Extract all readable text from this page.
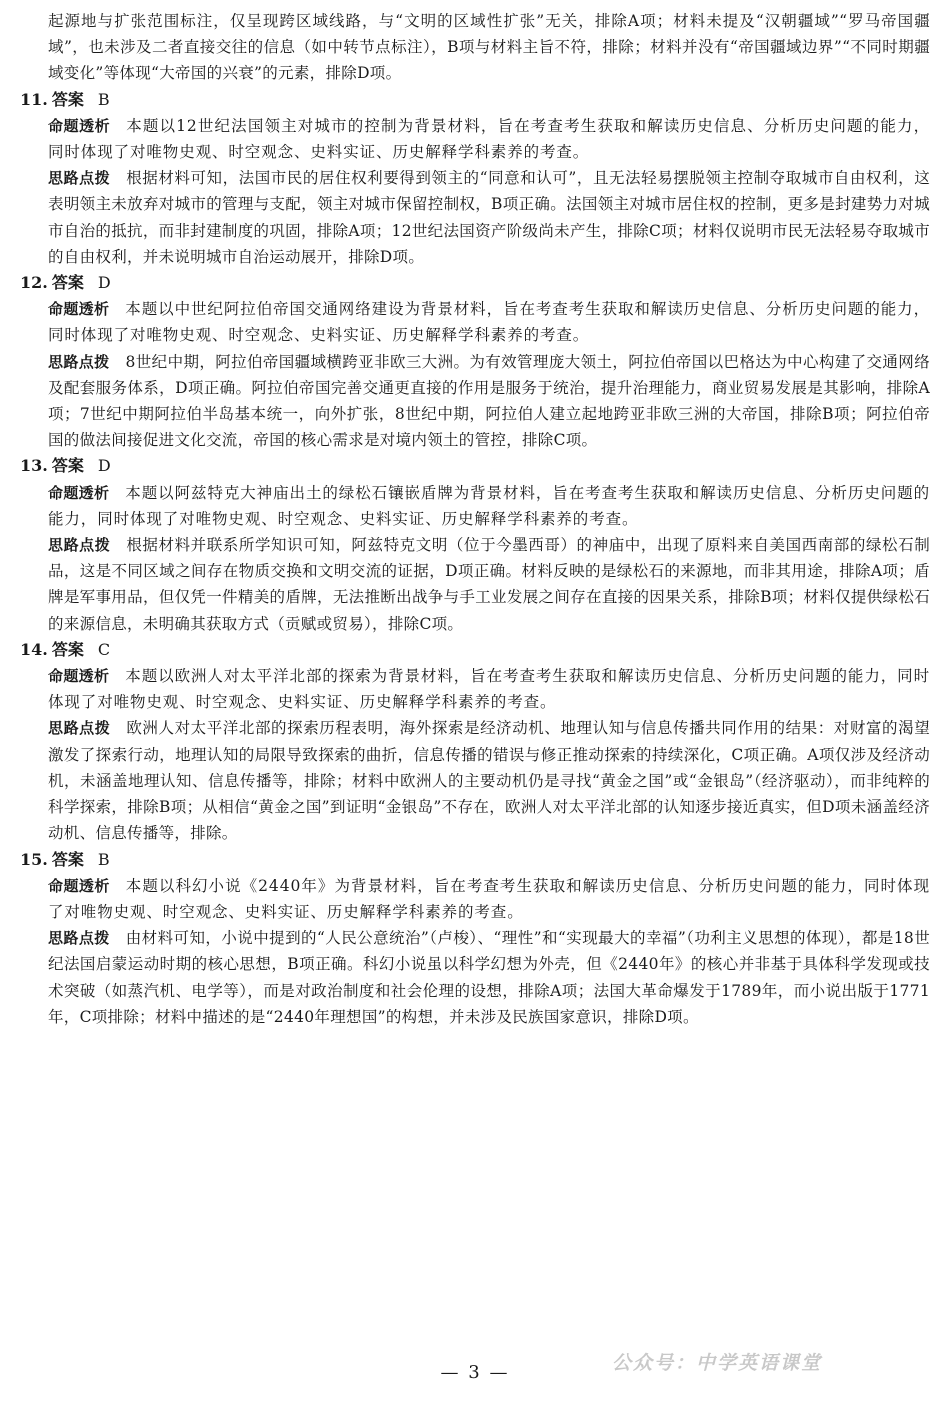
起源地与扩张范围标注，仅呈现跨区域线路，与“文明的区域性扩张”无关，排除A项；材料未提及“汉朝疆域”“罗马帝国疆域”，也未涉及二者直接交往的信息（如中转节点标注），B项与材料主旨不符，排除；材料并没有“帝国疆域边界”“不同时期疆域变化”等体现“大帝国的兴衰”的元素，排除D项。

11. 答案 B

命题透析 本题以12世纪法国领主对城市的控制为背景材料，旨在考查考生获取和解读历史信息、分析历史问题的能力，同时体现了对唯物史观、时空观念、史料实证、历史解释学科素养的考查。

思路点拨 根据材料可知，法国市民的居住权利要得到领主的“同意和认可”，且无法轻易摆脱领主控制夺取城市自由权利，这表明领主未放弃对城市的管理与支配，领主对城市保留控制权，B项正确。法国领主对城市居住权的控制，更多是封建势力对城市自治的抵抗，而非封建制度的巩固，排除A项；12世纪法国资产阶级尚未产生，排除C项；材料仅说明市民无法轻易夺取城市的自由权利，并未说明城市自治运动展开，排除D项。

12. 答案 D

命题透析 本题以中世纪阿拉伯帝国交通网络建设为背景材料，旨在考查考生获取和解读历史信息、分析历史问题的能力，同时体现了对唯物史观、时空观念、史料实证、历史解释学科素养的考查。

思路点拨 8世纪中期，阿拉伯帝国疆域横跨亚非欧三大洲。为有效管理庞大领土，阿拉伯帝国以巴格达为中心构建了交通网络及配套服务体系，D项正确。阿拉伯帝国完善交通更直接的作用是服务于统治，提升治理能力，商业贸易发展是其影响，排除A项；7世纪中期阿拉伯半岛基本统一，向外扩张，8世纪中期，阿拉伯人建立起地跨亚非欧三洲的大帝国，排除B项；阿拉伯帝国的做法间接促进文化交流，帝国的核心需求是对境内领土的管控，排除C项。

13. 答案 D

命题透析 本题以阿兹特克大神庙出土的绿松石镶嵌盾牌为背景材料，旨在考查考生获取和解读历史信息、分析历史问题的能力，同时体现了对唯物史观、时空观念、史料实证、历史解释学科素养的考查。

思路点拨 根据材料并联系所学知识可知，阿兹特克文明（位于今墨西哥）的神庙中，出现了原料来自美国西南部的绿松石制品，这是不同区域之间存在物质交换和文明交流的证据，D项正确。材料反映的是绿松石的来源地，而非其用途，排除A项；盾牌是军事用品，但仅凭一件精美的盾牌，无法推断出战争与手工业发展之间存在直接的因果关系，排除B项；材料仅提供绿松石的来源信息，未明确其获取方式（贡赋或贸易），排除C项。

14. 答案 C

命题透析 本题以欧洲人对太平洋北部的探索为背景材料，旨在考查考生获取和解读历史信息、分析历史问题的能力，同时体现了对唯物史观、时空观念、史料实证、历史解释学科素养的考查。

思路点拨 欧洲人对太平洋北部的探索历程表明，海外探索是经济动机、地理认知与信息传播共同作用的结果：对财富的渴望激发了探索行动，地理认知的局限导致探索的曲折，信息传播的错误与修正推动探索的持续深化，C项正确。A项仅涉及经济动机，未涵盖地理认知、信息传播等，排除；材料中欧洲人的主要动机仍是寻找“黄金之国”或“金银岛”（经济驱动），而非纯粹的科学探索，排除B项；从相信“黄金之国”到证明“金银岛”不存在，欧洲人对太平洋北部的认知逐步接近真实，但D项未涵盖经济动机、信息传播等，排除。

15. 答案 B

命题透析 本题以科幻小说《2440年》为背景材料，旨在考查考生获取和解读历史信息、分析历史问题的能力，同时体现了对唯物史观、时空观念、史料实证、历史解释学科素养的考查。

思路点拨 由材料可知，小说中提到的“人民公意统治”（卢梭）、“理性”和“实现最大的幸福”（功利主义思想的体现），都是18世纪法国启蒙运动时期的核心思想，B项正确。科幻小说虽以科学幻想为外壳，但《2440年》的核心并非基于具体科学发现或技术突破（如蒸汽机、电学等），而是对政治制度和社会伦理的设想，排除A项；法国大革命爆发于1789年，而小说出版于1771年，C项排除；材料中描述的是“2440年理想国”的构想，并未涉及民族国家意识，排除D项。

— 3 —	公众号：中学英语课堂
